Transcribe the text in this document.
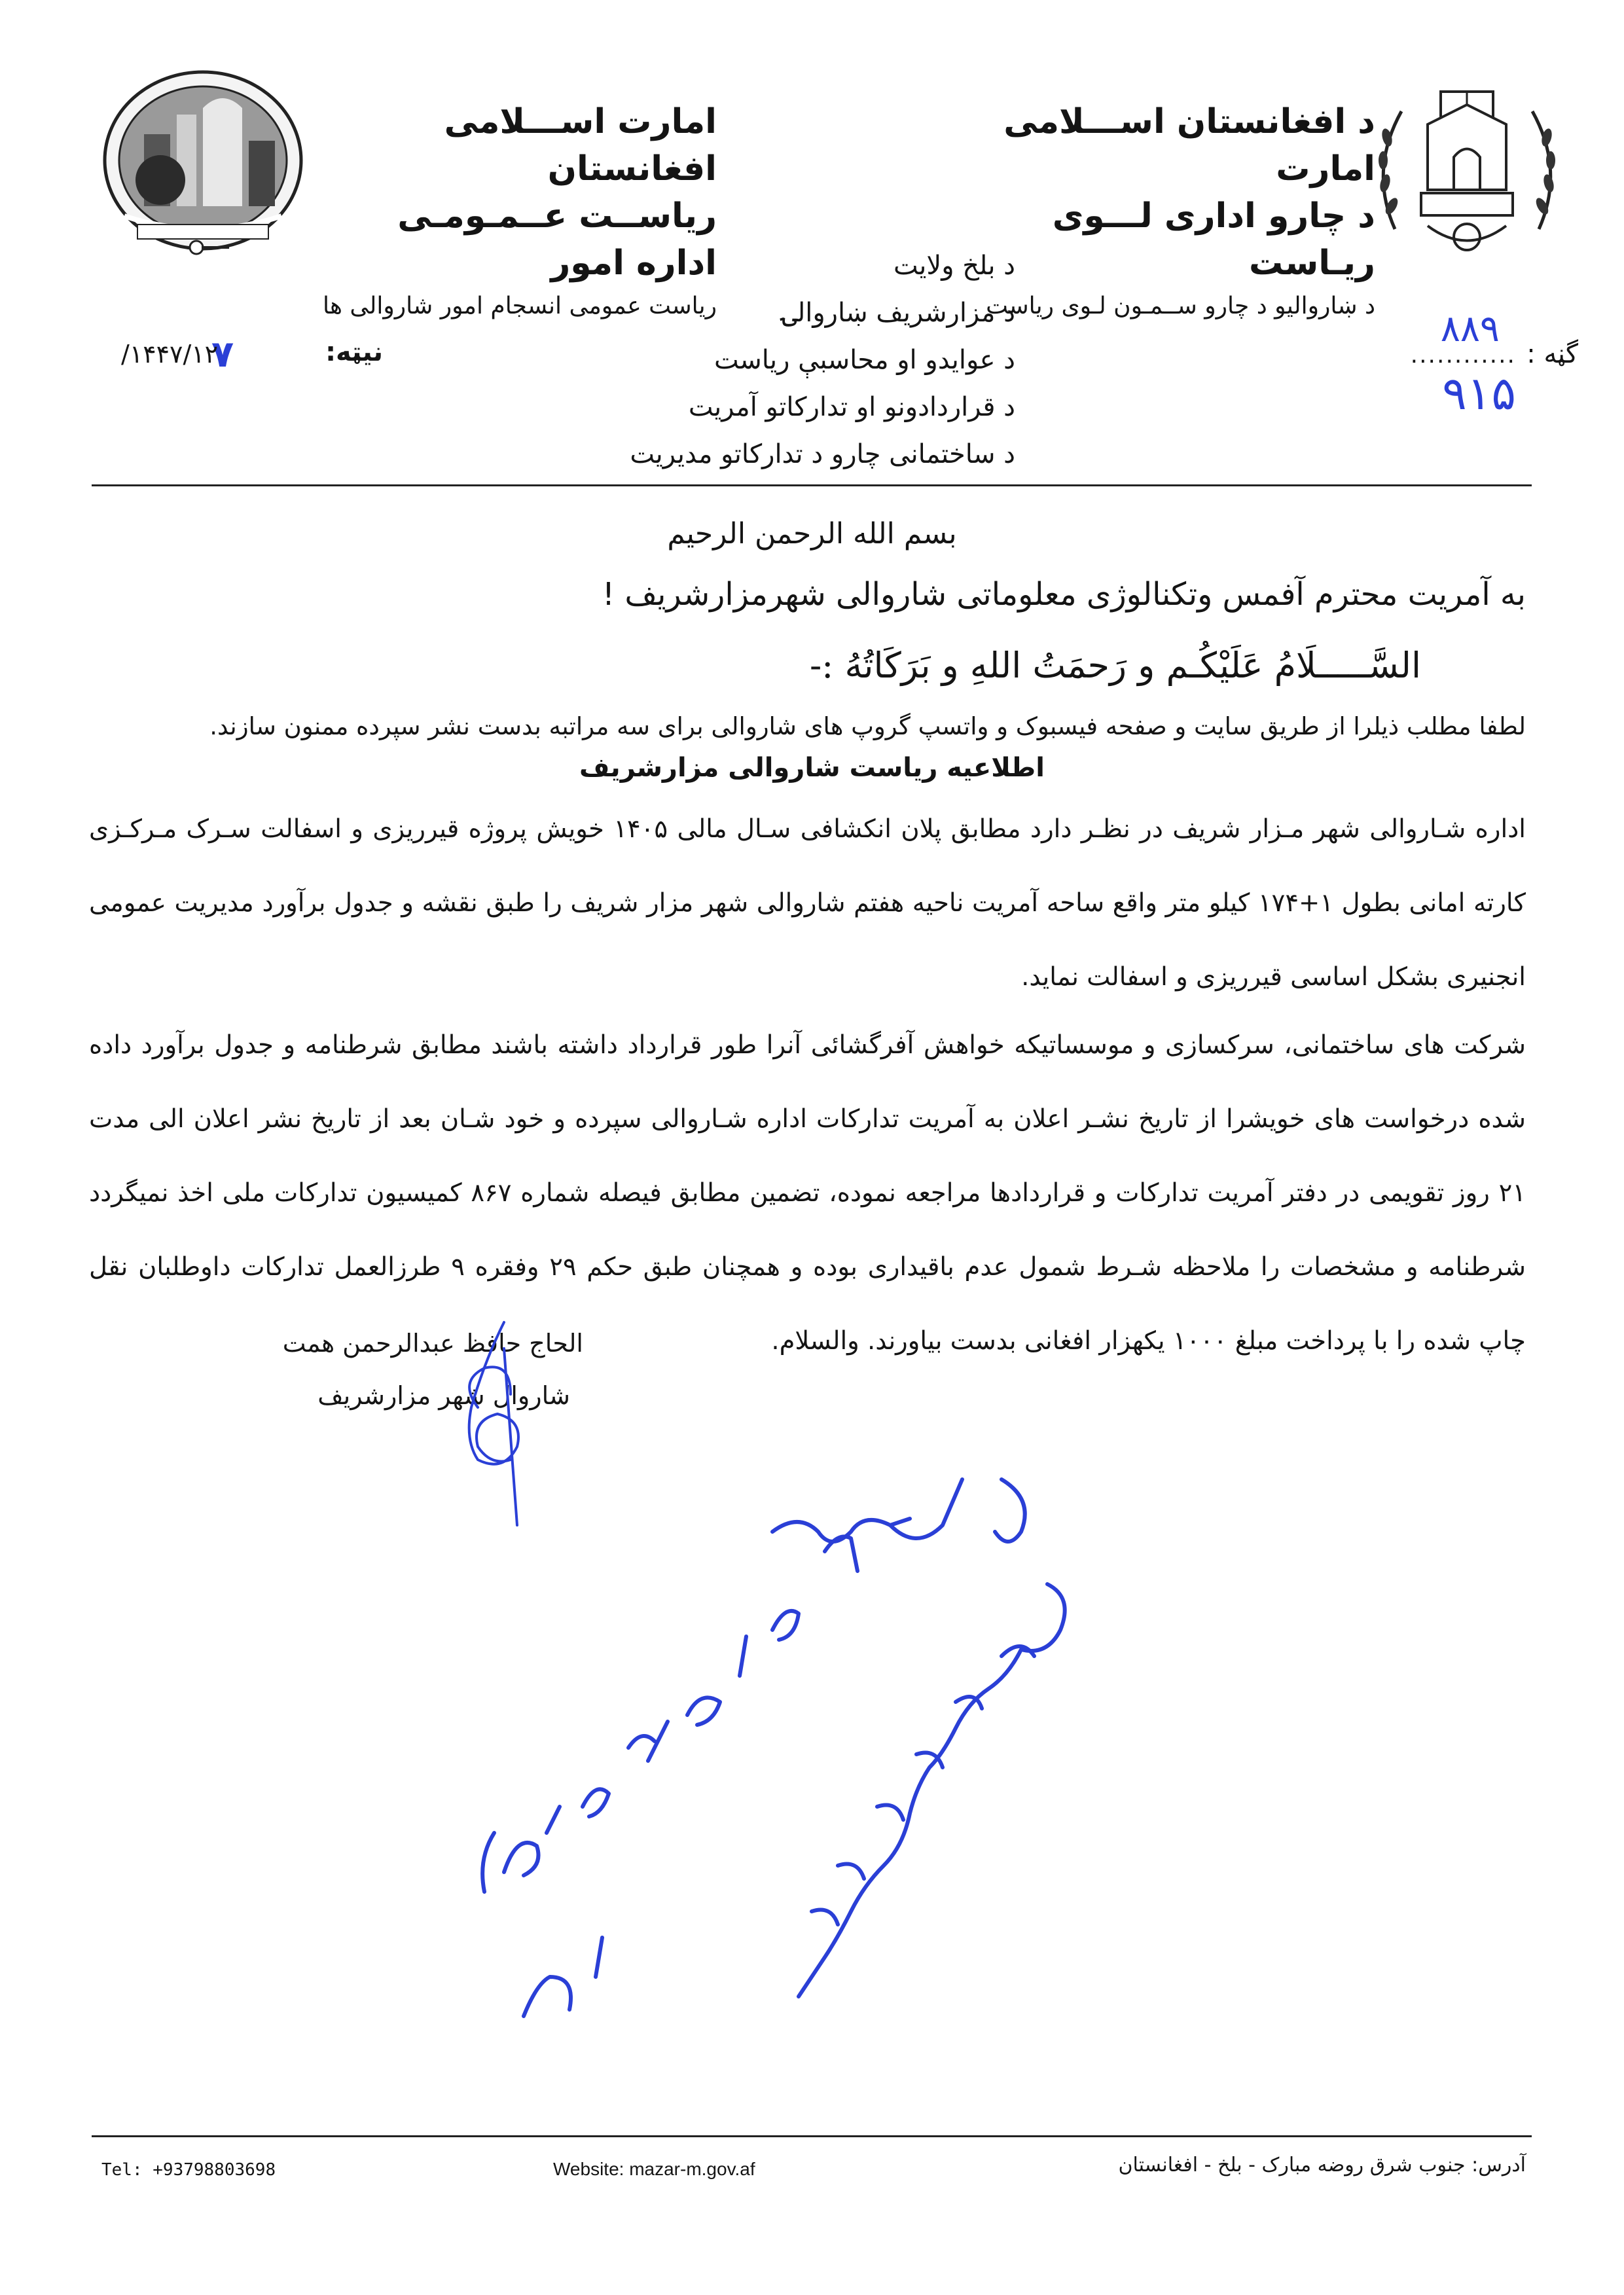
د افغانستان اســـلامی امارت
د چارو اداری لـــوی ریـاست
د ښاروالیو د چارو ســمـون لـوی ریاست
امارت اســـلامی افغانستان
ریاســت عــمـومـی اداره امور
ریاست عمومی انسجام امور شاروالی ها
د بلخ ولایت
د مزارشریف ښاروالۍ
د عوایدو او محاسبې ریاست
د قراردادونو او تدارکاتو آمریت
د ساختمانی چارو د تدارکاتو مدیریت
نیټه:
۷
۱۴۴۷/۱۲/	گڼه :
............
۸۸۹
۹۱۵
بسم الله الرحمن الرحیم
به آمریت محترم آفمس وتکنالوژی معلوماتی شاروالی شهرمزارشریف !
السَّـــــلَامُ عَلَيْكُـم و رَحمَتُ اللهِ و بَرَکَاتُهُ :-
لطفا مطلب ذیلرا از طریق سایت و صفحه فیسبوک و واتسپ گروپ های شاروالی برای سه مراتبه بدست نشر سپرده ممنون سازند.
اطلاعیه ریاست شاروالی مزارشریف
اداره شـاروالی شهر مـزار شریف در نظـر دارد مطابق پلان انکشافی سـال مالی ۱۴۰۵ خویش پروژه قیرریزی و اسفالت سـرک مـرکـزی کارته امانی بطول ۱+۱۷۴ کیلو متر واقع ساحه آمریت ناحیه هفتم شاروالی شهر مزار شریف را طبق نقشه و جدول برآورد مدیریت عمومی انجنیری بشکل اساسی قیرریزی و اسفالت نماید.
شرکت های ساختمانی، سرکسازی و موسساتیکه خواهش آفرگشائی آنرا طور قرارداد داشته باشند مطابق شرطنامه و جدول برآورد داده شده درخواست های خویشرا از تاریخ نشـر اعلان به آمریت تدارکات اداره شـاروالی سپرده و خود شـان بعد از تاریخ نشر اعلان الی مدت ۲۱ روز تقویمی در دفتر آمریت تدارکات و قراردادها مراجعه نموده، تضمین مطابق فیصله شماره ۸۶۷ کمیسیون تدارکات ملی اخذ نمیگردد شرطنامه و مشخصات را ملاحظه شـرط شمول عدم باقیداری بوده و همچنان طبق حکم ۲۹ وفقره ۹ طرزالعمل تدارکات داوطلبان نقل چاپ شده را با پرداخت مبلغ ۱۰۰۰ یکهزار افغانی بدست بیاورند. والسلام.
الحاج حافظ عبدالرحمن همت
شاروال شهر مزارشریف
Tel: +93798803698	Website: mazar-m.gov.af	آدرس: جنوب شرق روضه مبارک - بلخ - افغانستان
